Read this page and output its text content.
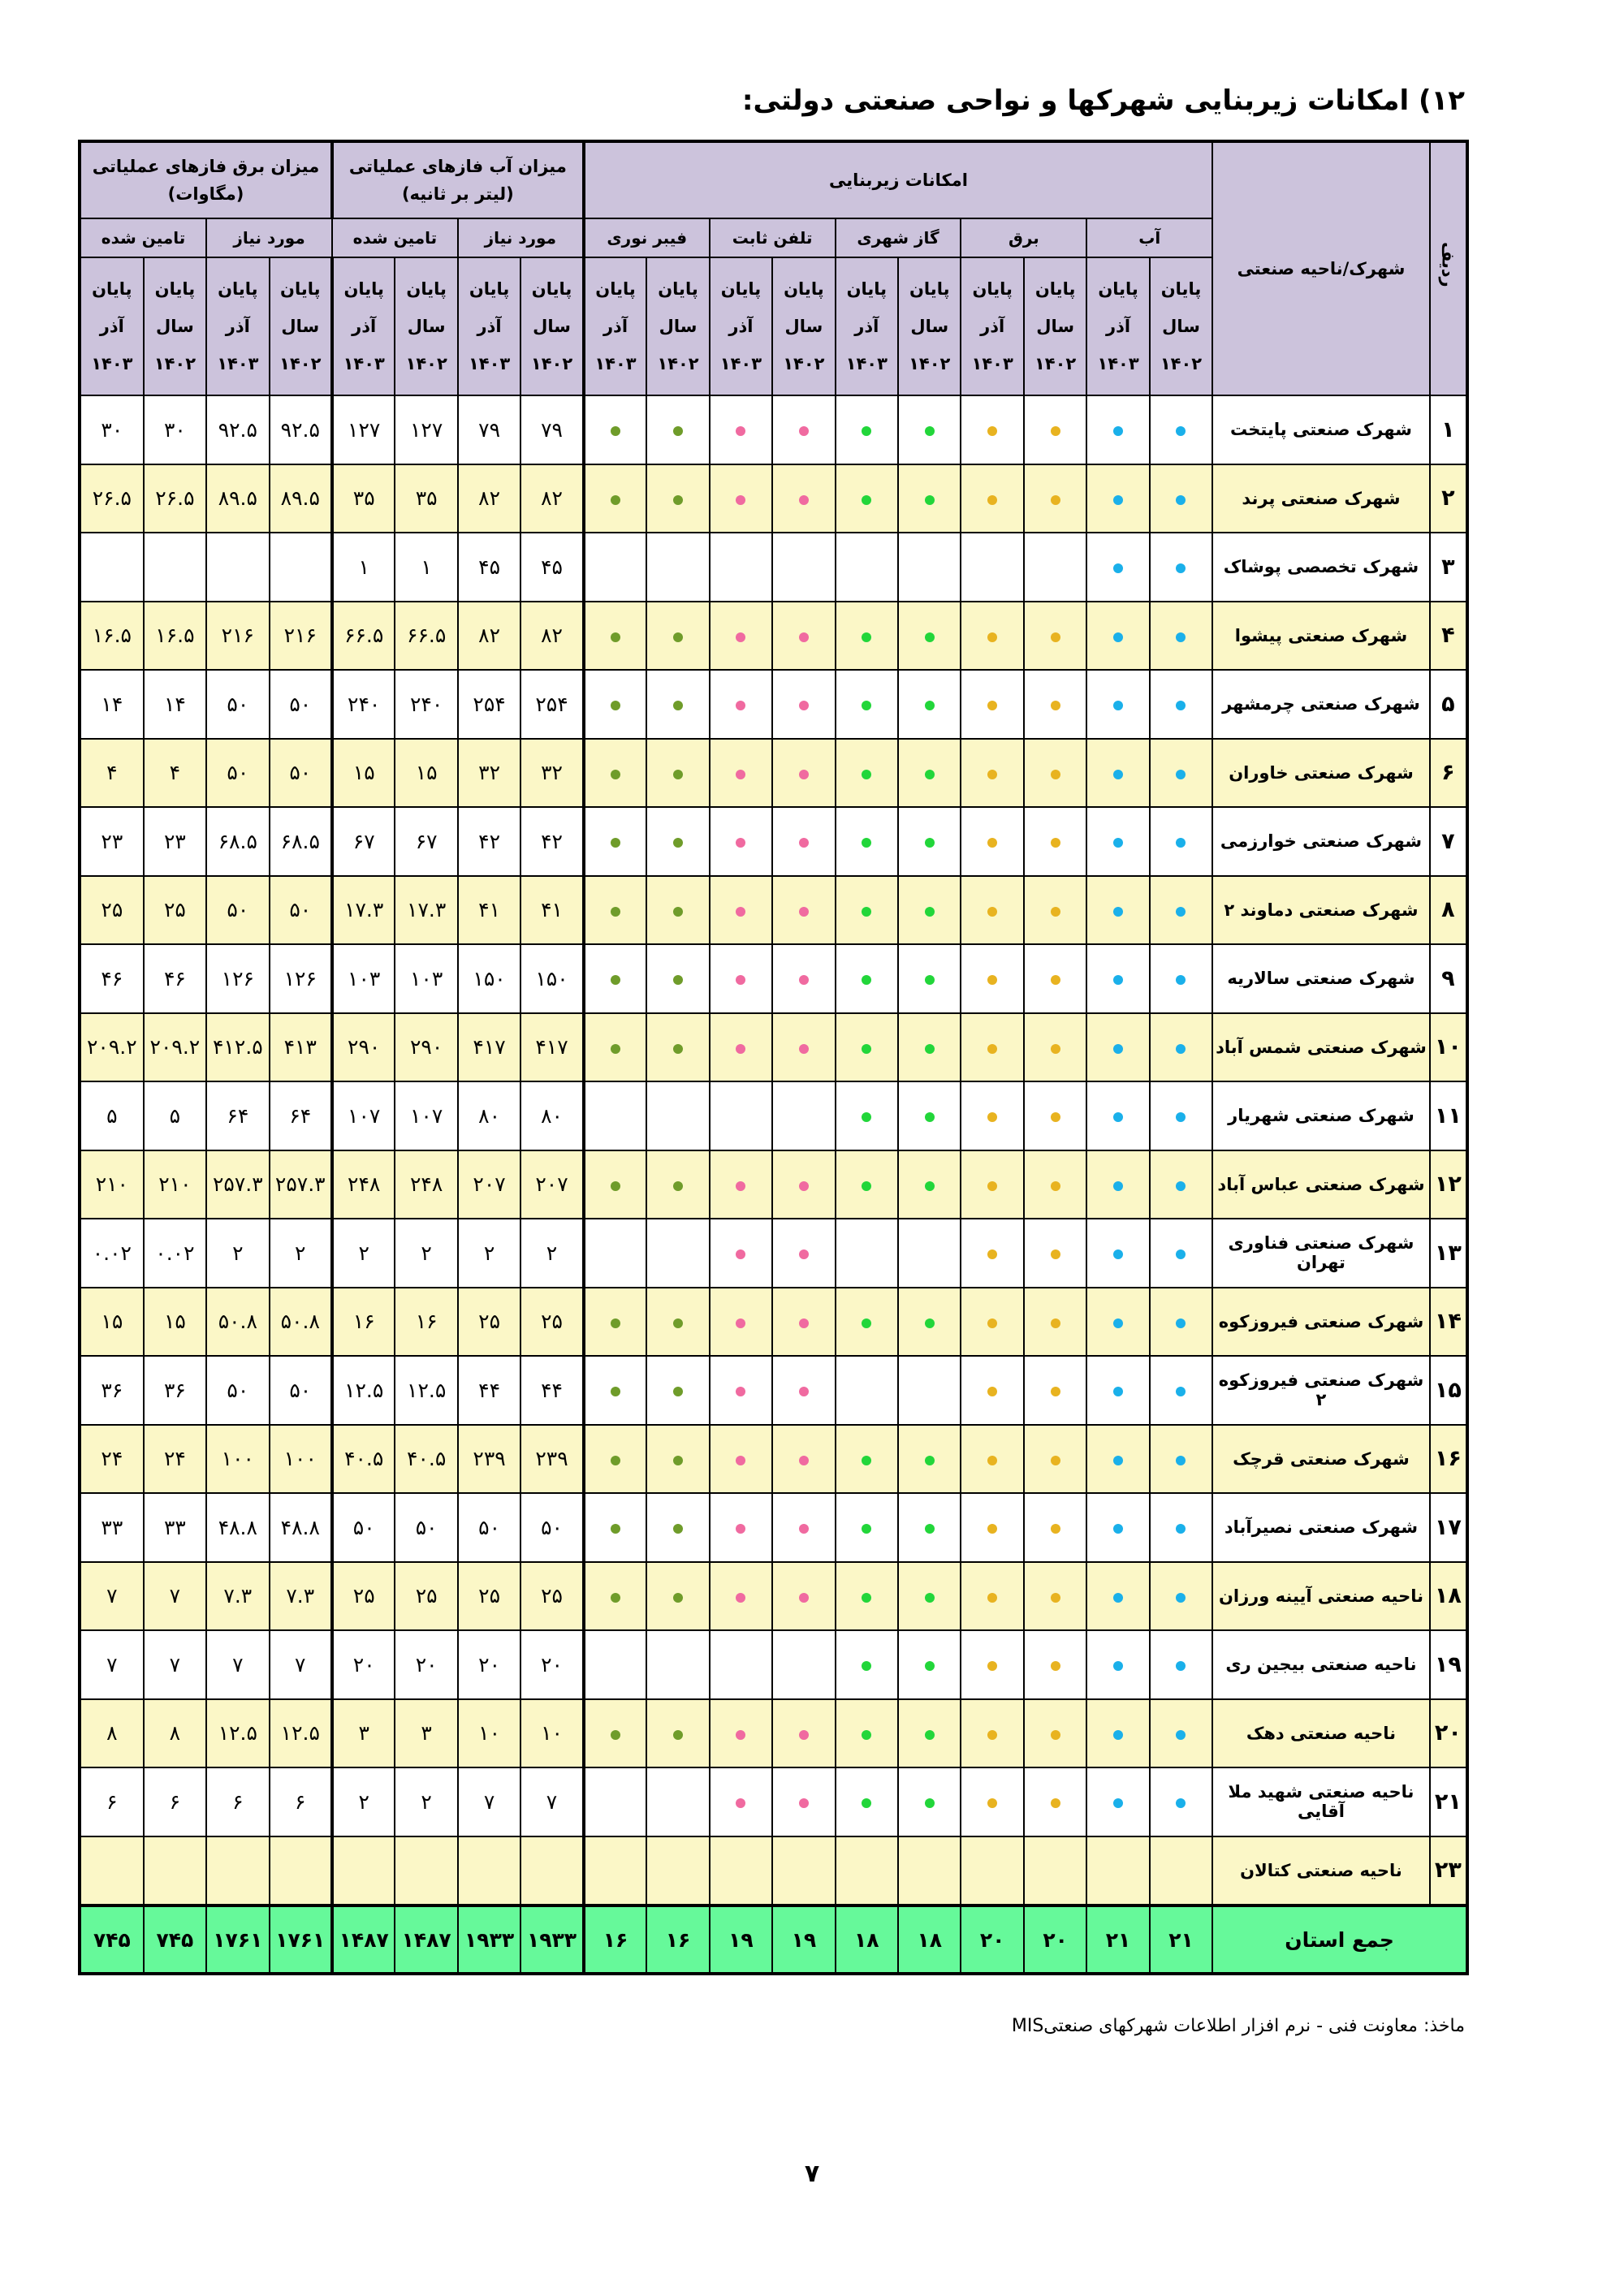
۱۲) امکانات زیربنایی شهرکها و نواحی صنعتی دولتی:
ردیف	شهرک/ناحیه صنعتی	امکانات زیربنایی										میزان آب فازهای عملیاتی
(لیتر بر ثانیه)				میزان برق فازهای عملیاتی
(مگاوات)			
		آب		برق		گاز شهری		تلفن ثابت		فیبر نوری		مورد نیاز		تامین شده		مورد نیاز		تامین شده	
		پایان سال ۱۴۰۲	پایان آذر ۱۴۰۳	پایان سال ۱۴۰۲	پایان آذر ۱۴۰۳	پایان سال ۱۴۰۲	پایان آذر ۱۴۰۳	پایان سال ۱۴۰۲	پایان آذر ۱۴۰۳	پایان سال ۱۴۰۲	پایان آذر ۱۴۰۳	پایان سال ۱۴۰۲	پایان آذر ۱۴۰۳	پایان سال ۱۴۰۲	پایان آذر ۱۴۰۳	پایان سال ۱۴۰۲	پایان آذر ۱۴۰۳	پایان سال ۱۴۰۲	پایان آذر ۱۴۰۳
۱	شهرک صنعتی پایتخت											۷۹	۷۹	۱۲۷	۱۲۷	۹۲.۵	۹۲.۵	۳۰	۳۰
۲	شهرک صنعتی پرند											۸۲	۸۲	۳۵	۳۵	۸۹.۵	۸۹.۵	۲۶.۵	۲۶.۵
۳	شهرک تخصصی پوشاک											۴۵	۴۵	۱	۱				
۴	شهرک صنعتی پیشوا											۸۲	۸۲	۶۶.۵	۶۶.۵	۲۱۶	۲۱۶	۱۶.۵	۱۶.۵
۵	شهرک صنعتی چرمشهر											۲۵۴	۲۵۴	۲۴۰	۲۴۰	۵۰	۵۰	۱۴	۱۴
۶	شهرک صنعتی خاوران											۳۲	۳۲	۱۵	۱۵	۵۰	۵۰	۴	۴
۷	شهرک صنعتی خوارزمی											۴۲	۴۲	۶۷	۶۷	۶۸.۵	۶۸.۵	۲۳	۲۳
۸	شهرک صنعتی دماوند ۲											۴۱	۴۱	۱۷.۳	۱۷.۳	۵۰	۵۰	۲۵	۲۵
۹	شهرک صنعتی سالاریه											۱۵۰	۱۵۰	۱۰۳	۱۰۳	۱۲۶	۱۲۶	۴۶	۴۶
۱۰	شهرک صنعتی شمس آباد											۴۱۷	۴۱۷	۲۹۰	۲۹۰	۴۱۳	۴۱۲.۵	۲۰۹.۲	۲۰۹.۲
۱۱	شهرک صنعتی شهریار											۸۰	۸۰	۱۰۷	۱۰۷	۶۴	۶۴	۵	۵
۱۲	شهرک صنعتی عباس آباد											۲۰۷	۲۰۷	۲۴۸	۲۴۸	۲۵۷.۳	۲۵۷.۳	۲۱۰	۲۱۰
۱۳	شهرک صنعتی فناوری تهران											۲	۲	۲	۲	۲	۲	۰.۰۲	۰.۰۲
۱۴	شهرک صنعتی فیروزکوه											۲۵	۲۵	۱۶	۱۶	۵۰.۸	۵۰.۸	۱۵	۱۵
۱۵	شهرک صنعتی فیروزکوه ۲											۴۴	۴۴	۱۲.۵	۱۲.۵	۵۰	۵۰	۳۶	۳۶
۱۶	شهرک صنعتی قرچک											۲۳۹	۲۳۹	۴۰.۵	۴۰.۵	۱۰۰	۱۰۰	۲۴	۲۴
۱۷	شهرک صنعتی نصیرآباد											۵۰	۵۰	۵۰	۵۰	۴۸.۸	۴۸.۸	۳۳	۳۳
۱۸	ناحیه صنعتی آیینه ورزان											۲۵	۲۵	۲۵	۲۵	۷.۳	۷.۳	۷	۷
۱۹	ناحیه صنعتی بیجین ری											۲۰	۲۰	۲۰	۲۰	۷	۷	۷	۷
۲۰	ناحیه صنعتی دهک											۱۰	۱۰	۳	۳	۱۲.۵	۱۲.۵	۸	۸
۲۱	ناحیه صنعتی شهید ملا آقایی											۷	۷	۲	۲	۶	۶	۶	۶
۲۳	ناحیه صنعتی کتالان																		
جمع استان		۲۱	۲۱	۲۰	۲۰	۱۸	۱۸	۱۹	۱۹	۱۶	۱۶	۱۹۳۳	۱۹۳۳	۱۴۸۷	۱۴۸۷	۱۷۶۱	۱۷۶۱	۷۴۵	۷۴۵
ماخذ: معاونت فنی - نرم افزار اطلاعات شهرکهای صنعتیMIS
۷
